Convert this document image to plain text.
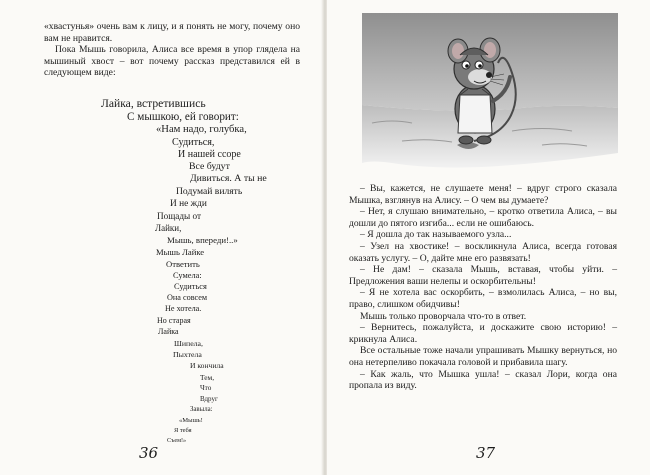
«хвастунья» очень вам к лицу, и я понять не могу, почему оно вам не нравится.

Пока Мышь говорила, Алиса все время в упор глядела на мышиный хвост – вот почему рассказ представился ей в следующем виде:

Лайка, встретившись
С мышкою, ей говорит:
«Нам надо, голубка,
Судиться,
И нашей ссоре
Все будут
Дивиться. А ты не
Подумай вилять
И не жди
Пощады от
Лайки,
Мышь, впереди!..»
Мышь Лайке
Ответить
Сумела:
Судиться
Она совсем
Не хотела.
Но старая
Лайка
Шипела,
Пыхтела
И кончила
Тем,
Что
Вдруг
Завыла:
«Мышь!
Я тебя
Съем!»
36

– Вы, кажется, не слушаете меня! – вдруг строго сказала Мышка, взглянув на Алису. – О чем вы думаете?

– Нет, я слушаю внимательно, – кротко ответила Алиса, – вы дошли до пятого изгиба... если не ошибаюсь.

– Я дошла до так называемого узла...

– Узел на хвостике! – воскликнула Алиса, всегда готовая оказать услугу. – О, дайте мне его развязать!

– Не дам! – сказала Мышь, вставая, чтобы уйти. – Предложения ваши нелепы и оскорбительны!

– Я не хотела вас оскорбить, – взмолилась Алиса, – но вы, право, слишком обидчивы!

Мышь только проворчала что-то в ответ.

– Вернитесь, пожалуйста, и доскажите свою историю! – крикнула Алиса.

Все остальные тоже начали упрашивать Мышку вернуться, но она нетерпеливо покачала головой и прибавила шагу.

– Как жаль, что Мышка ушла! – сказал Лори, когда она пропала из виду.

37
